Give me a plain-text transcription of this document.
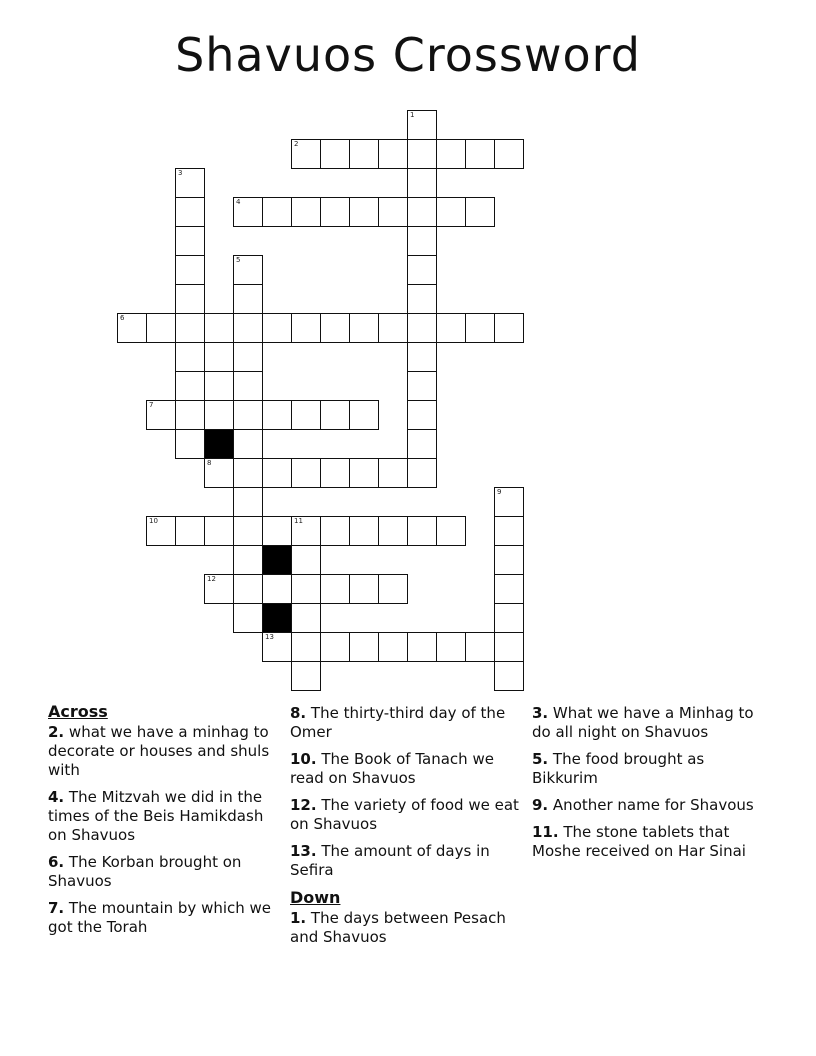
Shavuos Crossword
1
2
3
4
5
6
7
8
9
10	11
12
13
Across
2. what we have a minhag to decorate or houses and shuls with
4. The Mitzvah we did in the times of the Beis Hamikdash on Shavuos
6. The Korban brought on Shavuos
7. The mountain by which we got the Torah
8. The thirty-third day of the Omer
10. The Book of Tanach we read on Shavuos
12. The variety of food we eat on Shavuos
13. The amount of days in Sefira
Down
1. The days between Pesach and Shavuos
3. What we have a Minhag to do all night on Shavuos
5. The food brought as Bikkurim
9. Another name for Shavous
11. The stone tablets that Moshe received on Har Sinai
